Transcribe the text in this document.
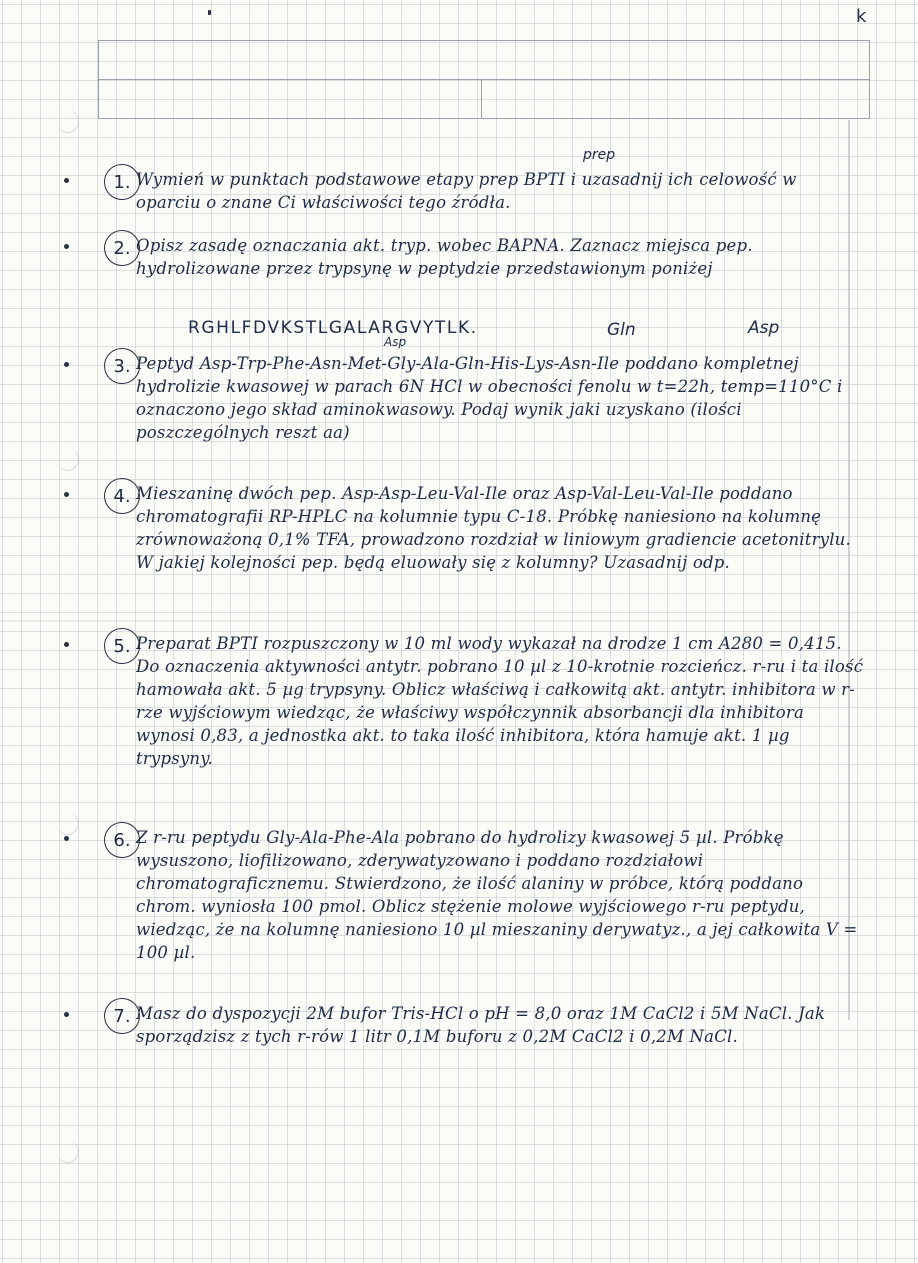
k
prep
Gln	Asp
Asp
1. Wymień w punktach podstawowe etapy prep BPTI i uzasadnij ich celowość w oparciu o znane Ci właściwości tego źródła.

2. Opisz zasadę oznaczania akt. tryp. wobec BAPNA. Zaznacz miejsca pep. hydrolizowane przez trypsynę w peptydzie przedstawionym poniżej

RGHLFDVKSTLGALARGVYTLK.
3. Peptyd Asp-Trp-Phe-Asn-Met-Gly-Ala-Gln-His-Lys-Asn-Ile poddano kompletnej hydrolizie kwasowej w parach 6N HCl w obecności fenolu w t=22h, temp=110°C i oznaczono jego skład aminokwasowy. Podaj wynik jaki uzyskano (ilości poszczególnych reszt aa)

4. Mieszaninę dwóch pep. Asp-Asp-Leu-Val-Ile oraz Asp-Val-Leu-Val-Ile poddano chromatografii RP-HPLC na kolumnie typu C-18. Próbkę naniesiono na kolumnę zrównoważoną 0,1% TFA, prowadzono rozdział w liniowym gradiencie acetonitrylu. W jakiej kolejności pep. będą eluowały się z kolumny? Uzasadnij odp.

5. Preparat BPTI rozpuszczony w 10 ml wody wykazał na drodze 1 cm A280 = 0,415. Do oznaczenia aktywności antytr. pobrano 10 µl z 10-krotnie rozcieńcz. r-ru i ta ilość hamowała akt. 5 µg trypsyny. Oblicz właściwą i całkowitą akt. antytr. inhibitora w r-rze wyjściowym wiedząc, że właściwy współczynnik absorbancji dla inhibitora wynosi 0,83, a jednostka akt. to taka ilość inhibitora, która hamuje akt. 1 µg trypsyny.

6. Z r-ru peptydu Gly-Ala-Phe-Ala pobrano do hydrolizy kwasowej 5 µl. Próbkę wysuszono, liofilizowano, zderywatyzowano i poddano rozdziałowi chromatograficznemu. Stwierdzono, że ilość alaniny w próbce, którą poddano chrom. wyniosła 100 pmol. Oblicz stężenie molowe wyjściowego r-ru peptydu, wiedząc, że na kolumnę naniesiono 10 µl mieszaniny derywatyz., a jej całkowita V = 100 µl.

7. Masz do dyspozycji 2M bufor Tris-HCl o pH = 8,0 oraz 1M CaCl2 i 5M NaCl. Jak sporządzisz z tych r-rów 1 litr 0,1M buforu z 0,2M CaCl2 i 0,2M NaCl.
